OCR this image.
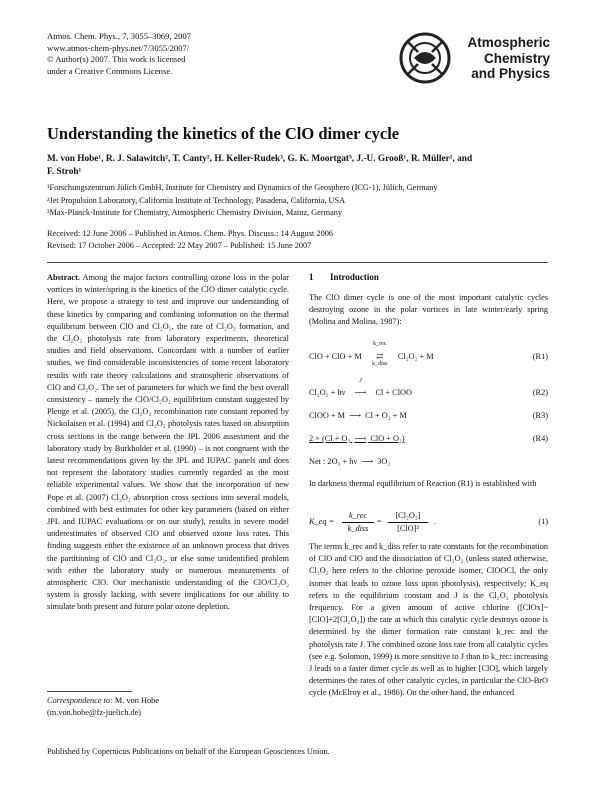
Atmos. Chem. Phys., 7, 3055–3069, 2007
www.atmos-chem-phys.net/7/3055/2007/
© Author(s) 2007. This work is licensed
under a Creative Commons License.
Atmospheric
Chemistry
and Physics
Understanding the kinetics of the ClO dimer cycle
M. von Hobe¹, R. J. Salawitch², T. Canty², H. Keller-Rudek³, G. K. Moortgat³, J.-U. Grooß¹, R. Müller¹, and
F. Stroh¹
¹Forschungszentrum Jülich GmbH, Institute for Chemistry and Dynamics of the Geosphere (ICG-1), Jülich, Germany
²Jet Propulsion Laboratory, California Institute of Technology, Pasadena, California, USA
³Max-Planck-Institute for Chemistry, Atmospheric Chemistry Division, Mainz, Germany
Received: 12 June 2006 – Published in Atmos. Chem. Phys. Discuss.: 14 August 2006
Revised: 17 October 2006 – Accepted: 22 May 2007 – Published: 15 June 2007
Abstract. Among the major factors controlling ozone loss in the polar vortices in winter/spring is the kinetics of the ClO dimer catalytic cycle. Here, we propose a strategy to test and improve our understanding of these kinetics by comparing and combining information on the thermal equilibrium between ClO and Cl₂O₂, the rate of Cl₂O₂ formation, and the Cl₂O₂ photolysis rate from laboratory experiments, theoretical studies and field observations. Concordant with a number of earlier studies, we find considerable inconsistencies of some recent laboratory results with rate theory calculations and stratospheric observations of ClO and Cl₂O₂. The set of parameters for which we find the best overall consistency – namely the ClO/Cl₂O₂ equilibrium constant suggested by Plenge et al. (2005), the Cl₂O₂ recombination rate constant reported by Nickolaisen et al. (1994) and Cl₂O₂ photolysis rates based on absorption cross sections in the range between the JPL 2006 assessment and the laboratory study by Burkholder et al. (1990) – is not congruent with the latest recommendations given by the JPL and IUPAC panels and does not represent the laboratory studies currently regarded as the most reliable experimental values. We show that the incorporation of new Pope et al. (2007) Cl₂O₂ absorption cross sections into several models, combined with best estimates for other key parameters (based on either JPL and IUPAC evaluations or on our study), results in severe model underestimates of observed ClO and observed ozone loss rates. This finding suggests either the existence of an unknown process that drives the partitioning of ClO and Cl₂O₂, or else some unidentified problem with either the laboratory study or numerous measurements of atmospheric ClO. Our mechanistic understanding of the ClO/Cl₂O₂ system is grossly lacking, with severe implications for our ability to simulate both present and future polar ozone depletion.
Correspondence to: M. von Hobe
(m.von.hobe@fz-juelich.de)
1 Introduction
The ClO dimer cycle is one of the most important catalytic cycles destroying ozone in the polar vortices in late winter/early spring (Molina and Molina, 1987):
ClO + ClO + M
k_rec
⇄
k_diss
Cl₂O₂ + M	(R1)
Cl₂O₂ + hν
J
⟶ Cl + ClOO	(R2)
ClOO + M ⟶ Cl + O₂ + M	(R3)
2 × (Cl + O₃ ⟶ ClO + O₂)	(R4)
Net : 2O₃ + hν ⟶ 3O₂
In darkness thermal equilibrium of Reaction (R1) is established with
K_eq =
k_rec
k_diss
=
[Cl₂O₂]
[ClO]²
.	(1)
The terms k_rec and k_diss refer to rate constants for the recombination of ClO and ClO and the dissociation of Cl₂O₂ (unless stated otherwise, Cl₂O₂ here refers to the chlorine peroxide isomer, ClOOCl, the only isomer that leads to ozone loss upon photolysis), respectively; K_eq refers to the equilibrium constant and J is the Cl₂O₂ photolysis frequency. For a given amount of active chlorine ([ClOx]~[ClO]+2[Cl₂O₂]) the rate at which this catalytic cycle destroys ozone is determined by the dimer formation rate constant k_rec and the photolysis rate J. The combined ozone loss rate from all catalytic cycles (see e.g. Solomon, 1999) is more sensitive to J than to k_rec: increasing J leads to a faster dimer cycle as well as to higher [ClO], which largely determines the rates of other catalytic cycles, in particular the ClO-BrO cycle (McElroy et al., 1986). On the other hand, the enhanced
Published by Copernicus Publications on behalf of the European Geosciences Union.
